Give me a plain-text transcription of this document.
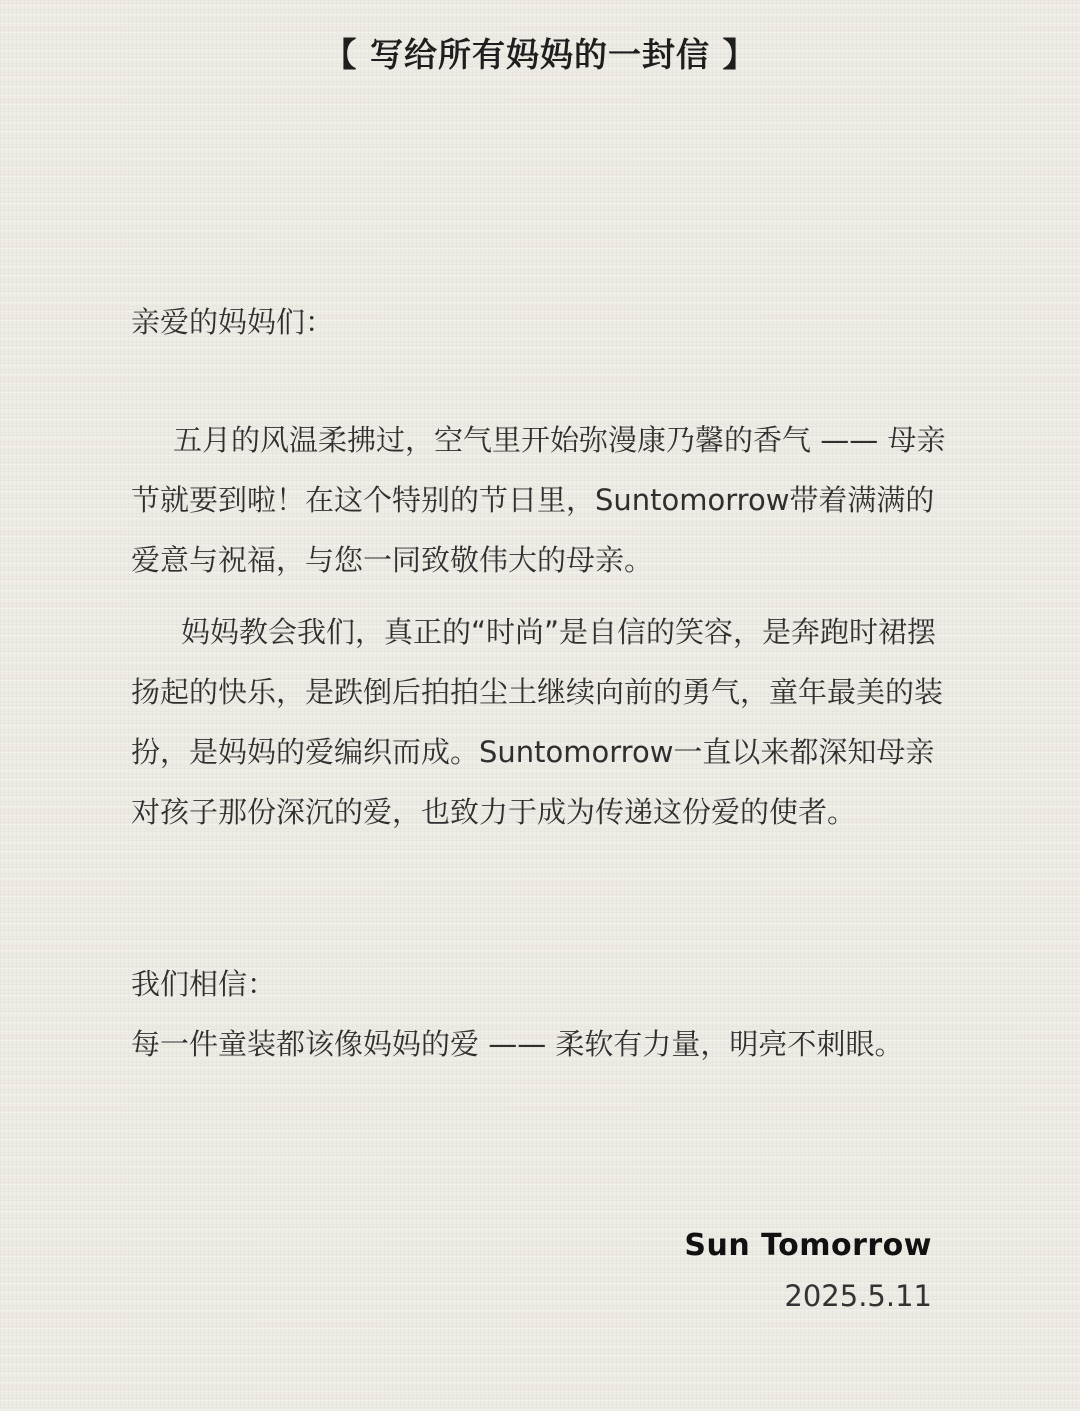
【 写给所有妈妈的一封信 】

亲爱的妈妈们：

五月的风温柔拂过，空气里开始弥漫康乃馨的香气 —— 母亲节就要到啦！在这个特别的节日里，Suntomorrow带着满满的爱意与祝福，与您一同致敬伟大的母亲。

妈妈教会我们，真正的“时尚”是自信的笑容，是奔跑时裙摆扬起的快乐，是跌倒后拍拍尘土继续向前的勇气，童年最美的装扮，是妈妈的爱编织而成。Suntomorrow一直以来都深知母亲对孩子那份深沉的爱，也致力于成为传递这份爱的使者。

我们相信：

每一件童装都该像妈妈的爱 —— 柔软有力量，明亮不刺眼。

Sun Tomorrow
2025.5.11
